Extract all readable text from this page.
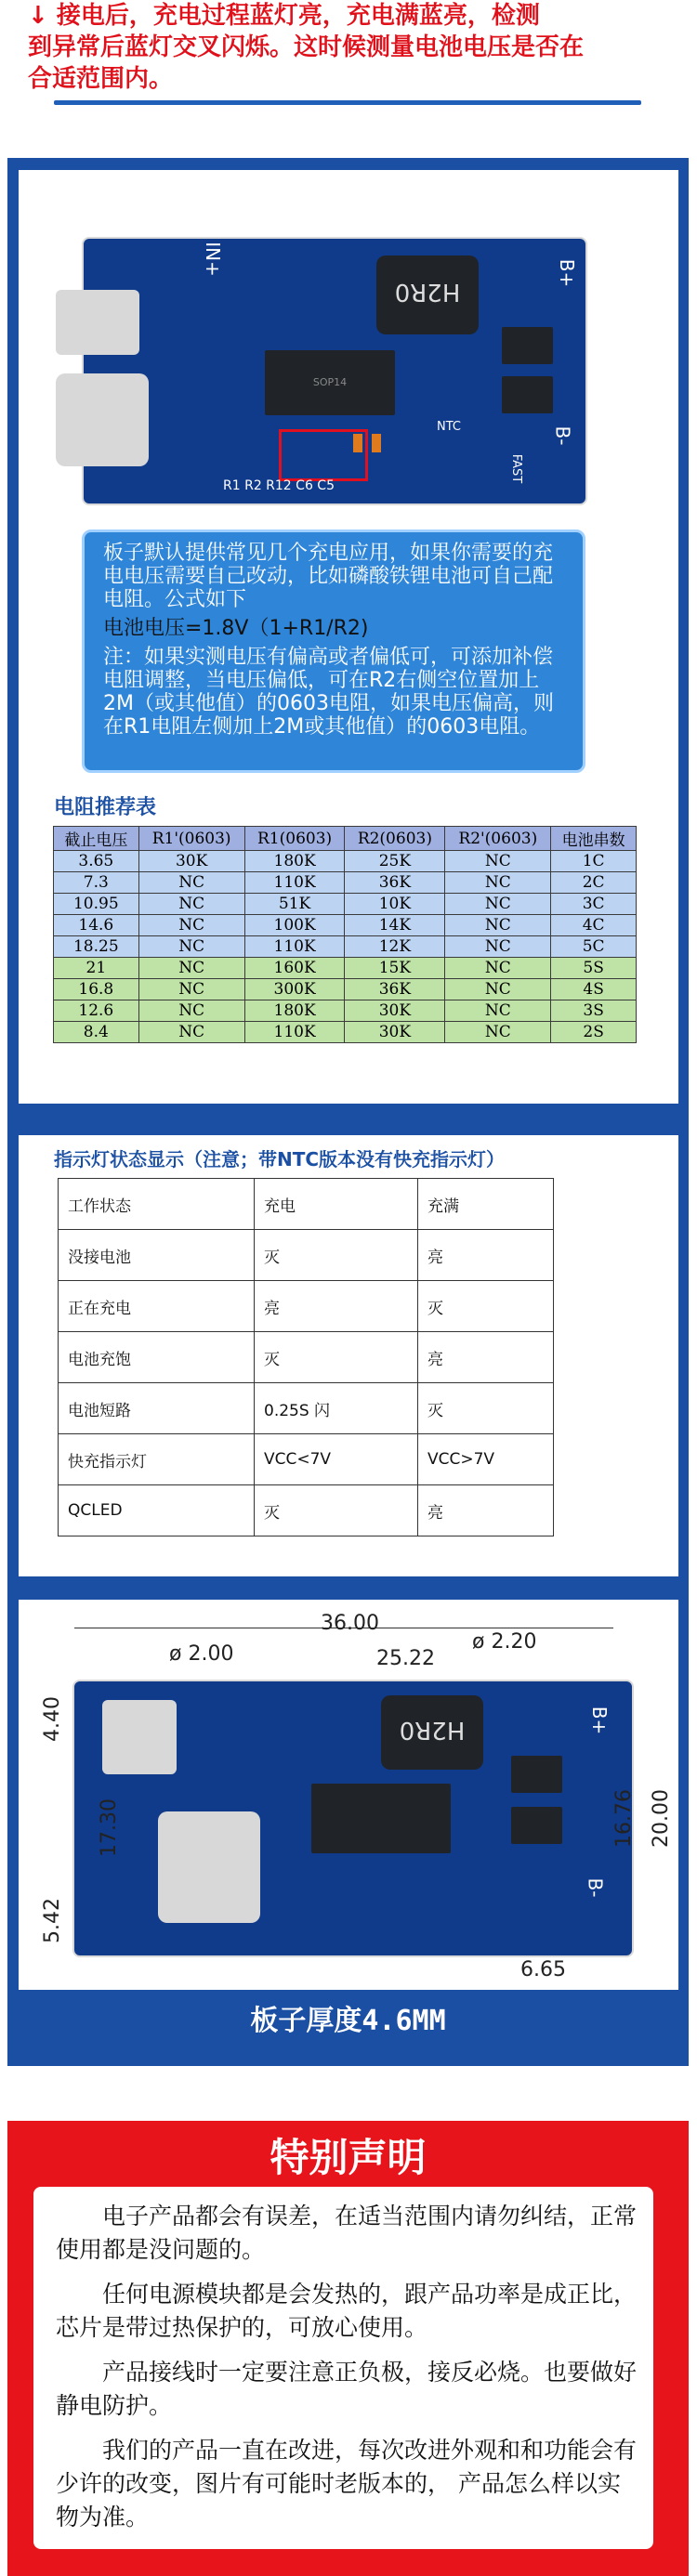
↓ 接电后，充电过程蓝灯亮，充电满蓝亮，检测
到异常后蓝灯交叉闪烁。这时候测量电池电压是否在
合适范围内。
H2R0
SOP14
IN+	B+
B-
NTC
FAST
R1 R2 R12 C6 C5

板子默认提供常见几个充电应用，如果你需要的充电电压需要自己改动，比如磷酸铁锂电池可自己配电阻。公式如下

电池电压=1.8V（1+R1/R2)

注：如果实测电压有偏高或者偏低可，可添加补偿电阻调整，当电压偏低，可在R2右侧空位置加上2M（或其他值）的0603电阻，如果电压偏高，则在R1电阻左侧加上2M或其他值）的0603电阻。

电阻推荐表
截止电压	R1'(0603)	R1(0603)	R2(0603)	R2'(0603)	电池串数
3.65	30K	180K	25K	NC	1C
7.3	NC	110K	36K	NC	2C
10.95	NC	51K	10K	NC	3C
14.6	NC	100K	14K	NC	4C
18.25	NC	110K	12K	NC	5C
21	NC	160K	15K	NC	5S
16.8	NC	300K	36K	NC	4S
12.6	NC	180K	30K	NC	3S
8.4	NC	110K	30K	NC	2S
指示灯状态显示（注意；带NTC版本没有快充指示灯）
工作状态	充电	充满
没接电池	灭	亮
正在充电	亮	灭
电池充饱	灭	亮
电池短路	0.25S 闪	灭
快充指示灯	VCC<7V	VCC>7V
QCLED	灭	亮
H2R0	B+
B-
36.00
ø 2.00	25.22
ø 2.20
4.40
17.30
5.42
16.76 20.00
6.65
板子厚度4.6MM
特别声明

电子产品都会有误差，在适当范围内请勿纠结，正常使用都是没问题的。

任何电源模块都是会发热的，跟产品功率是成正比，芯片是带过热保护的，可放心使用。

产品接线时一定要注意正负极，接反必烧。也要做好静电防护。

我们的产品一直在改进，每次改进外观和和功能会有少许的改变，图片有可能时老版本的， 产品怎么样以实物为准。
